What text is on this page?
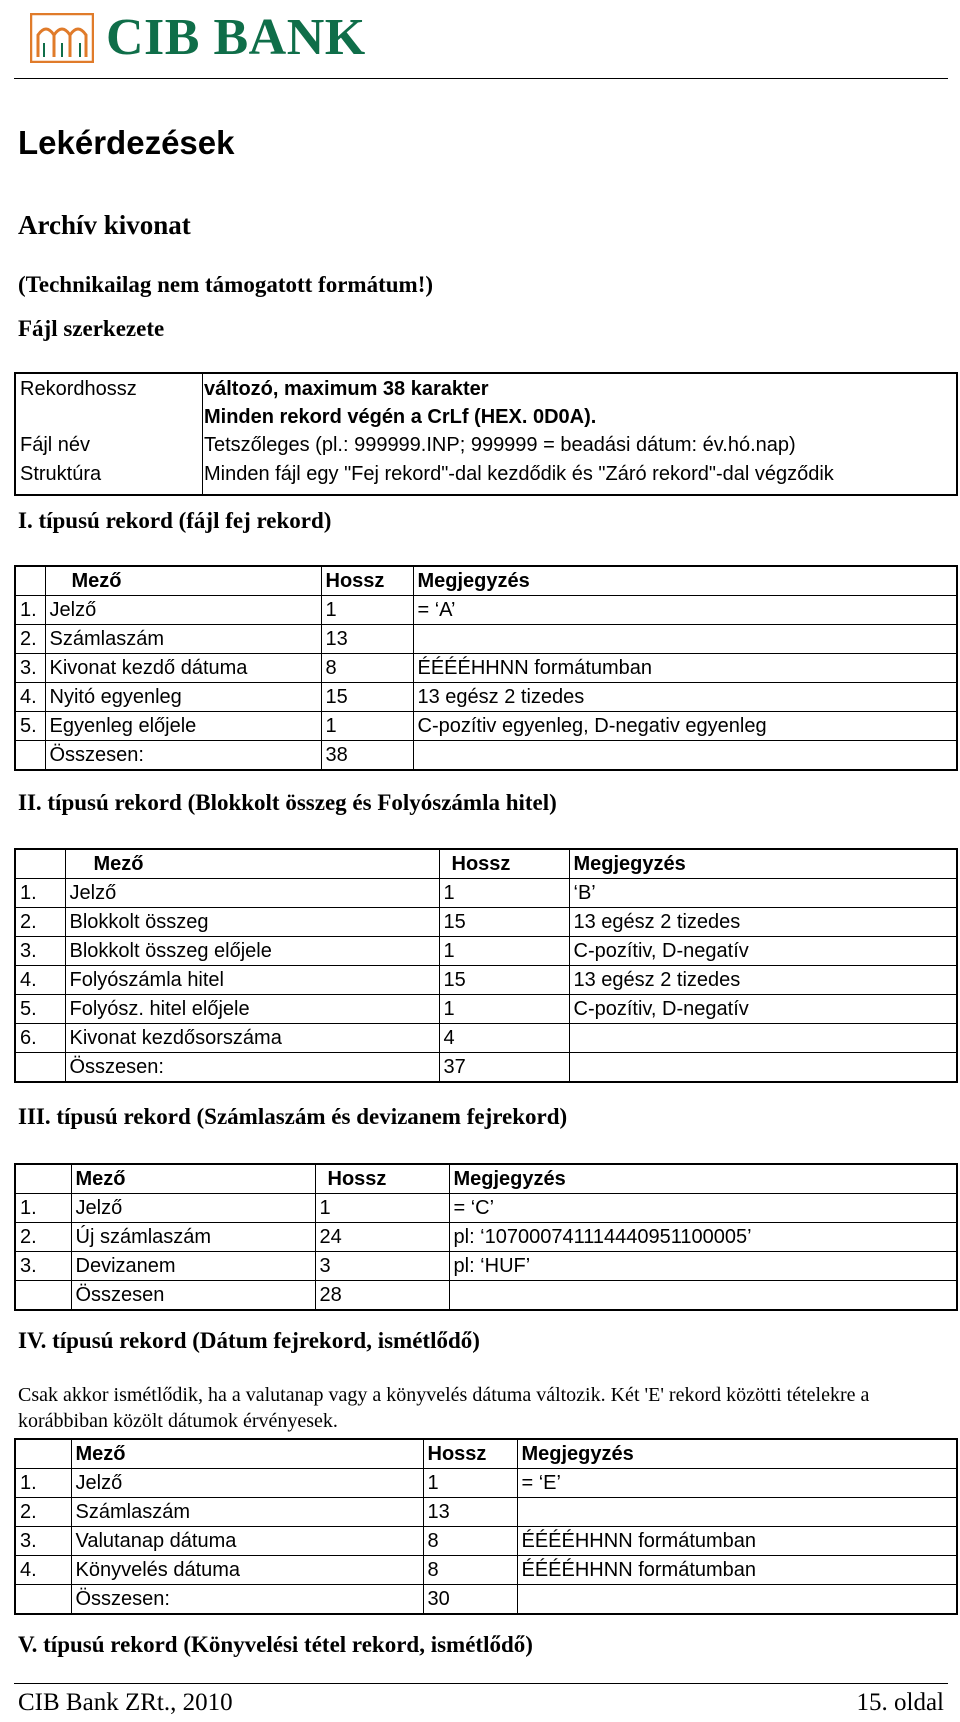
CIB BANK
Lekérdezések
Archív kivonat
(Technikailag nem támogatott formátum!)
Fájl szerkezete
Rekordhossz	változó, maximum 38 karakter
Minden rekord végén a CrLf (HEX. 0D0A).
Fájl név	Tetszőleges (pl.: 999999.INP; 999999 = beadási dátum: év.hó.nap)
Struktúra	Minden fájl egy "Fej rekord"-dal kezdődik és "Záró rekord"-dal végződik
I. típusú rekord (fájl fej rekord)
	Mező	Hossz	Megjegyzés
1.	Jelző	1	= ‘A’
2.	Számlaszám	13	
3.	Kivonat kezdő dátuma	8	ÉÉÉÉHHNN formátumban
4.	Nyitó egyenleg	15	13 egész 2 tizedes
5.	Egyenleg előjele	1	C-pozítiv egyenleg, D-negativ egyenleg
	Összesen:	38	
II. típusú rekord (Blokkolt összeg és Folyószámla hitel)
	Mező	Hossz	Megjegyzés
1.	Jelző	1	‘B’
2.	Blokkolt összeg	15	13 egész 2 tizedes
3.	Blokkolt összeg előjele	1	C-pozítiv, D-negatív
4.	Folyószámla hitel	15	13 egész 2 tizedes
5.	Folyósz. hitel előjele	1	C-pozítiv, D-negatív
6.	Kivonat kezdősorszáma	4	
	Összesen:	37	
III. típusú rekord (Számlaszám és devizanem fejrekord)
	Mező	Hossz	Megjegyzés
1.	Jelző	1	= ‘C’
2.	Új számlaszám	24	pl: ‘107000741114440951100005’
3.	Devizanem	3	pl: ‘HUF’
	Összesen	28	
IV. típusú rekord (Dátum fejrekord, ismétlődő)
Csak akkor ismétlődik, ha a valutanap vagy a könyvelés dátuma változik. Két 'E' rekord közötti tételekre a korábbiban közölt dátumok érvényesek.
	Mező	Hossz	Megjegyzés
1.	Jelző	1	= ‘E’
2.	Számlaszám	13	
3.	Valutanap dátuma	8	ÉÉÉÉHHNN formátumban
4.	Könyvelés dátuma	8	ÉÉÉÉHHNN formátumban
	Összesen:	30	
V. típusú rekord (Könyvelési tétel rekord, ismétlődő)
CIB Bank ZRt., 2010	15. oldal
